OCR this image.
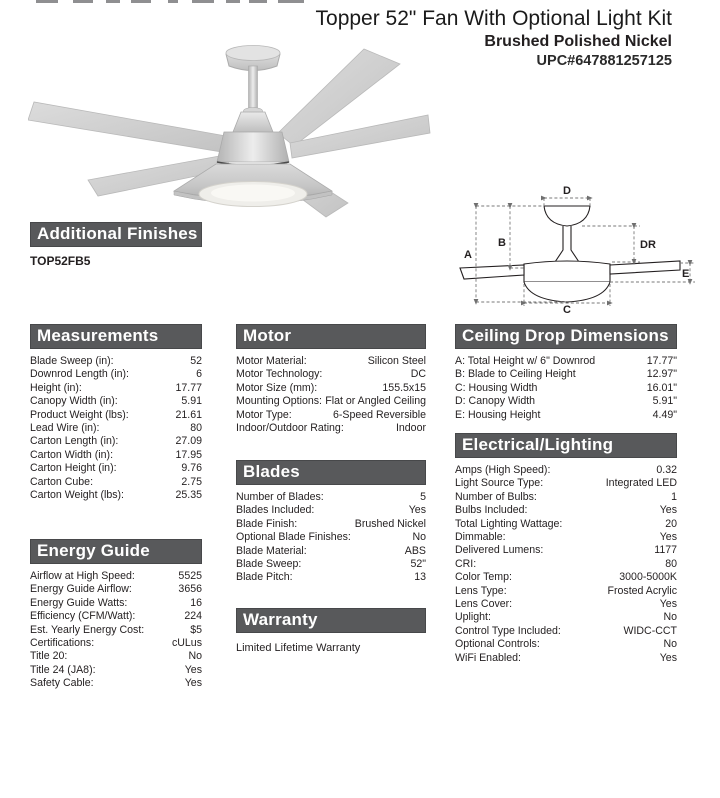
Topper 52" Fan With Optional Light Kit
Brushed Polished Nickel
UPC#647881257125
A
B
C
D
E
DR
Additional Finishes
TOP52FB5
Measurements
Blade Sweep (in):	52
Downrod Length (in):	6
Height (in):	17.77
Canopy Width (in):	5.91
Product Weight (lbs):	21.61
Lead Wire (in):	80
Carton Length (in):	27.09
Carton Width (in):	17.95
Carton Height (in):	9.76
Carton Cube:	2.75
Carton Weight (lbs):	25.35
Energy Guide
Airflow at High Speed:	5525
Energy Guide Airflow:	3656
Energy Guide Watts:	16
Efficiency (CFM/Watt):	224
Est. Yearly Energy Cost:	$5
Certifications:	cULus
Title 20:	No
Title 24 (JA8):	Yes
Safety Cable:	Yes
Motor
Motor Material:	Silicon Steel
Motor Technology:	DC
Motor Size (mm):	155.5x15
Mounting Options: Flat or Angled Ceiling
Motor Type:	6-Speed Reversible
Indoor/Outdoor Rating:	Indoor
Blades
Number of Blades:	5
Blades Included:	Yes
Blade Finish:	Brushed Nickel
Optional Blade Finishes:	No
Blade Material:	ABS
Blade Sweep:	52"
Blade Pitch:	13
Warranty
Limited Lifetime Warranty
Ceiling Drop Dimensions
A: Total Height w/ 6" Downrod	17.77"
B: Blade to Ceiling Height	12.97"
C: Housing Width	16.01"
D: Canopy Width	5.91"
E: Housing Height	4.49"
Electrical/Lighting
Amps (High Speed):	0.32
Light Source Type:	Integrated LED
Number of Bulbs:	1
Bulbs Included:	Yes
Total Lighting Wattage:	20
Dimmable:	Yes
Delivered Lumens:	1177
CRI:	80
Color Temp:	3000-5000K
Lens Type:	Frosted Acrylic
Lens Cover:	Yes
Uplight:	No
Control Type Included:	WIDC-CCT
Optional Controls:	No
WiFi Enabled:	Yes
